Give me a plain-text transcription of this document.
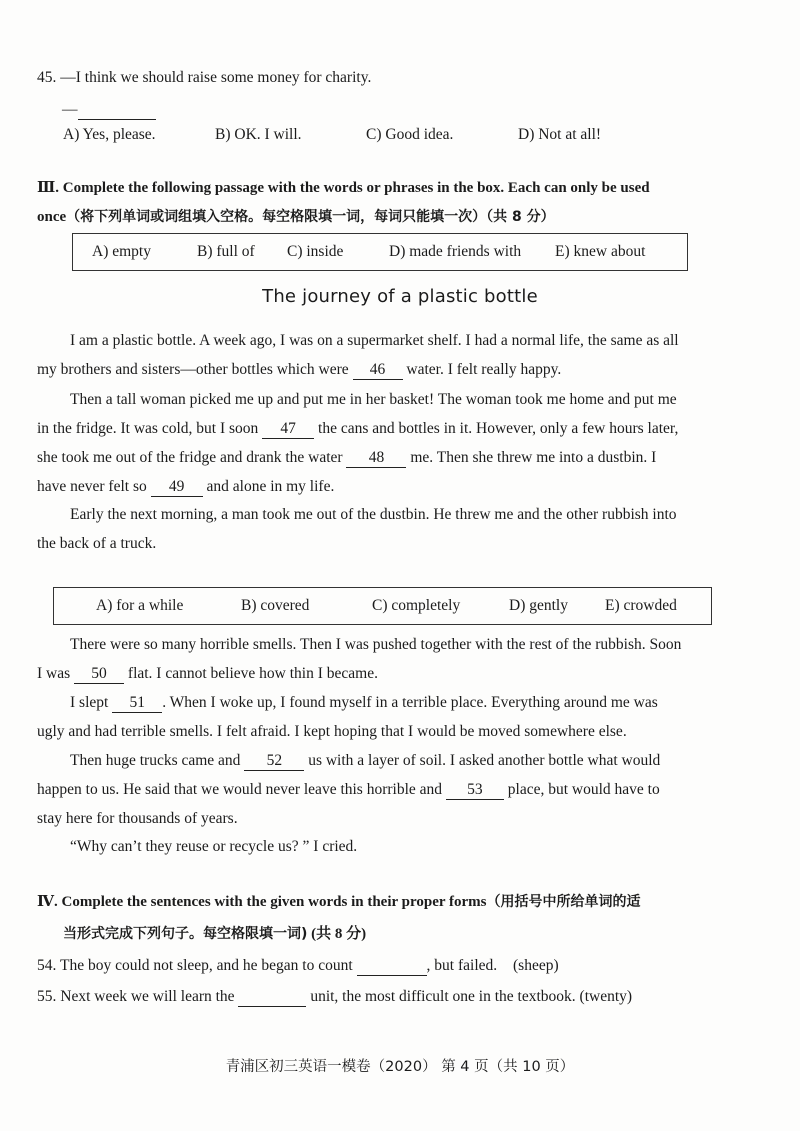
45. —I think we should raise some money for charity.
—
A) Yes, please.	B) OK. I will.	C) Good idea.	D) Not at all!
Ⅲ. Complete the following passage with the words or phrases in the box. Each can only be used
once（将下列单词或词组填入空格。每空格限填一词，每词只能填一次）（共 8 分）
A) empty	B) full of C) inside	D) made friends with E) knew about
The journey of a plastic bottle
I am a plastic bottle. A week ago, I was on a supermarket shelf. I had a normal life, the same as all
my brothers and sisters—other bottles which were 46 water. I felt really happy.
Then a tall woman picked me up and put me in her basket! The woman took me home and put me
in the fridge. It was cold, but I soon 47 the cans and bottles in it. However, only a few hours later,
she took me out of the fridge and drank the water 48 me. Then she threw me into a dustbin. I
have never felt so 49 and alone in my life.
Early the next morning, a man took me out of the dustbin. He threw me and the other rubbish into
the back of a truck.
A) for a while	B) covered	C) completely	D) gently E) crowded
There were so many horrible smells. Then I was pushed together with the rest of the rubbish. Soon
I was 50 flat. I cannot believe how thin I became.
I slept 51 . When I woke up, I found myself in a terrible place. Everything around me was
ugly and had terrible smells. I felt afraid. I kept hoping that I would be moved somewhere else.
Then huge trucks came and 52 us with a layer of soil. I asked another bottle what would
happen to us. He said that we would never leave this horrible and 53 place, but would have to
stay here for thousands of years.
“Why can’t they reuse or recycle us? ” I cried.
Ⅳ. Complete the sentences with the given words in their proper forms（用括号中所给单词的适
当形式完成下列句子。每空格限填一词) (共 8 分)
54. The boy could not sleep, and he began to count	, but failed. (sheep)
55. Next week we will learn the	unit, the most difficult one in the textbook. (twenty)
青浦区初三英语一模卷（2020） 第 4 页（共 10 页）
